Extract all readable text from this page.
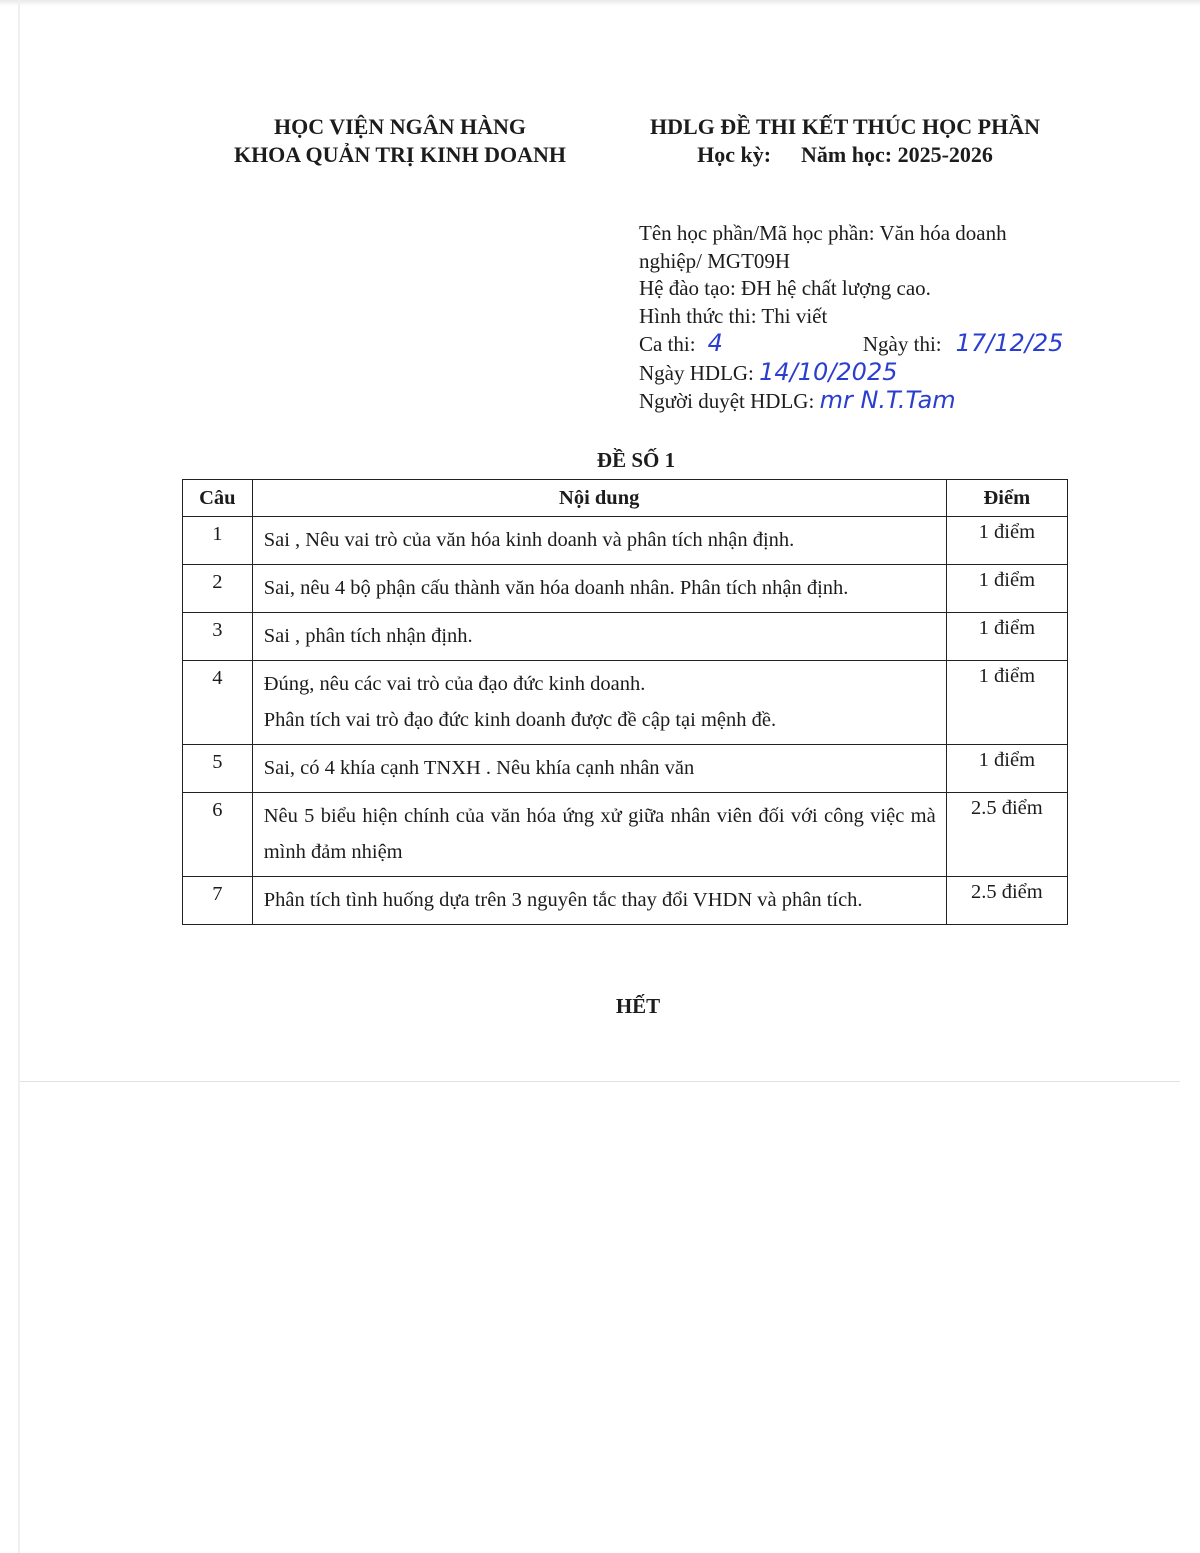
HỌC VIỆN NGÂN HÀNG
KHOA QUẢN TRỊ KINH DOANH
HDLG ĐỀ THI KẾT THÚC HỌC PHẦN
Học kỳ: Năm học: 2025-2026
Tên học phần/Mã học phần: Văn hóa doanh
nghiệp/ MGT09H
Hệ đào tạo: ĐH hệ chất lượng cao.
Hình thức thi: Thi viết
Ca thi: 4	Ngày thi: 17/12/25
Ngày HDLG: 14/10/2025
Người duyệt HDLG: mr N.T.Tam
ĐỀ SỐ 1
Câu	Nội dung	Điểm
1	Sai , Nêu vai trò của văn hóa kinh doanh và phân tích nhận định.	1 điểm
2	Sai, nêu 4 bộ phận cấu thành văn hóa doanh nhân. Phân tích nhận định.	1 điểm
3	Sai , phân tích nhận định.	1 điểm
4	Đúng, nêu các vai trò của đạo đức kinh doanh.
Phân tích vai trò đạo đức kinh doanh được đề cập tại mệnh đề.	1 điểm
5	Sai, có 4 khía cạnh TNXH . Nêu khía cạnh nhân văn	1 điểm
6	Nêu 5 biểu hiện chính của văn hóa ứng xử giữa nhân viên đối với công việc mà mình đảm nhiệm	2.5 điểm
7	Phân tích tình huống dựa trên 3 nguyên tắc thay đổi VHDN và phân tích.	2.5 điểm
HẾT
